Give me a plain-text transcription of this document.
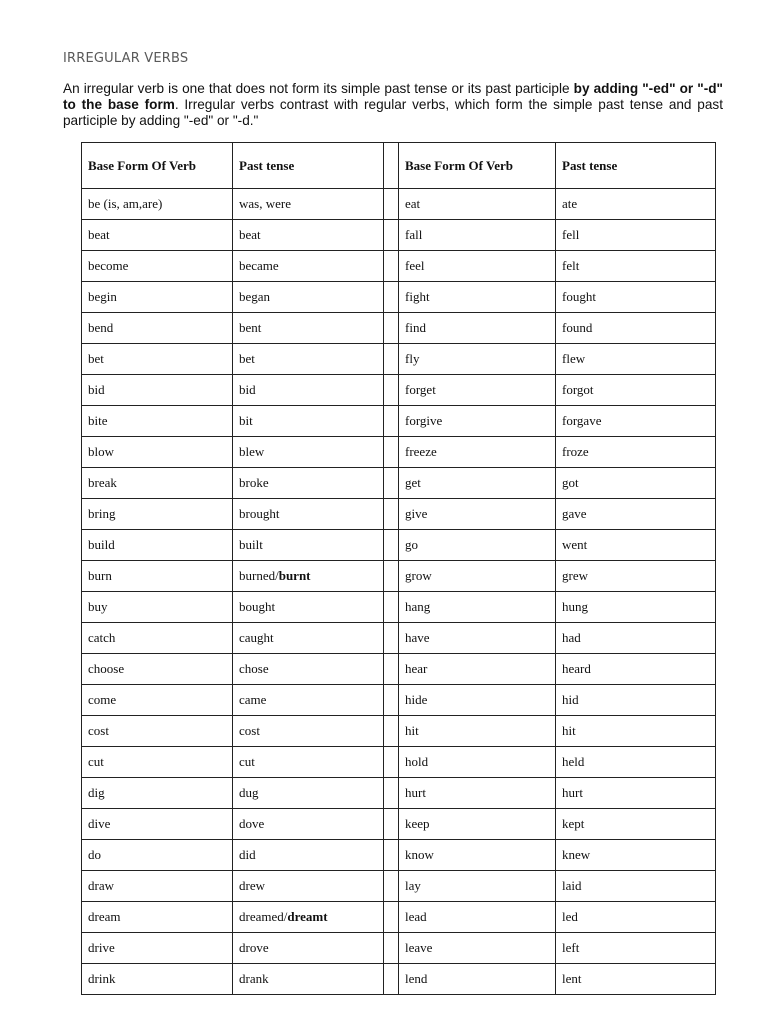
IRREGULAR VERBS

An irregular verb is one that does not form its simple past tense or its past participle by adding "-ed" or "-d" to the base form. Irregular verbs contrast with regular verbs, which form the simple past tense and past participle by adding "-ed" or "-d."

Base Form Of Verb	Past tense		Base Form Of Verb	Past tense
be (is, am,are)	was, were		eat	ate
beat	beat		fall	fell
become	became		feel	felt
begin	began		fight	fought
bend	bent		find	found
bet	bet		fly	flew
bid	bid		forget	forgot
bite	bit		forgive	forgave
blow	blew		freeze	froze
break	broke		get	got
bring	brought		give	gave
build	built		go	went
burn	burned/burnt		grow	grew
buy	bought		hang	hung
catch	caught		have	had
choose	chose		hear	heard
come	came		hide	hid
cost	cost		hit	hit
cut	cut		hold	held
dig	dug		hurt	hurt
dive	dove		keep	kept
do	did		know	knew
draw	drew		lay	laid
dream	dreamed/dreamt		lead	led
drive	drove		leave	left
drink	drank		lend	lent
